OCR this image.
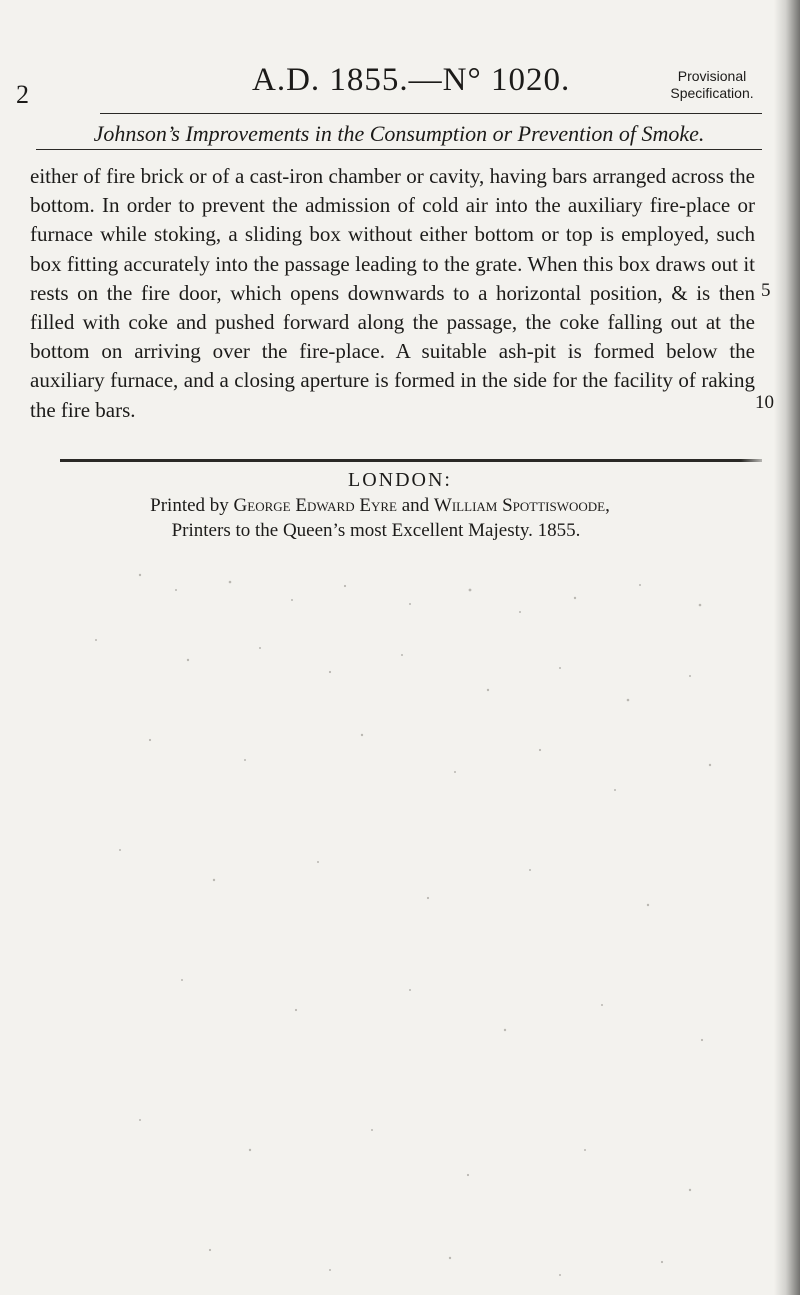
2	A.D. 1855.—N° 1020.	Provisional
Specification.
Johnson’s Improvements in the Consumption or Prevention of Smoke.
either of fire brick or of a cast-iron chamber or cavity, having bars arranged across the bottom. In order to prevent the admission of cold air into the auxiliary fire-place or furnace while stoking, a sliding box without either bottom or top is employed, such box fitting accurately into the passage leading to the grate. When this box draws out it rests on the fire door, which opens downwards to a horizontal position, & is then filled with coke and pushed forward along the passage, the coke falling out at the bottom on arriving over the fire-place. A suitable ash-pit is formed below the auxiliary furnace, and a closing aperture is formed in the side for the facility of raking the fire bars.
5
10
LONDON:
Printed by George Edward Eyre and William Spottiswoode,
Printers to the Queen’s most Excellent Majesty. 1855.
